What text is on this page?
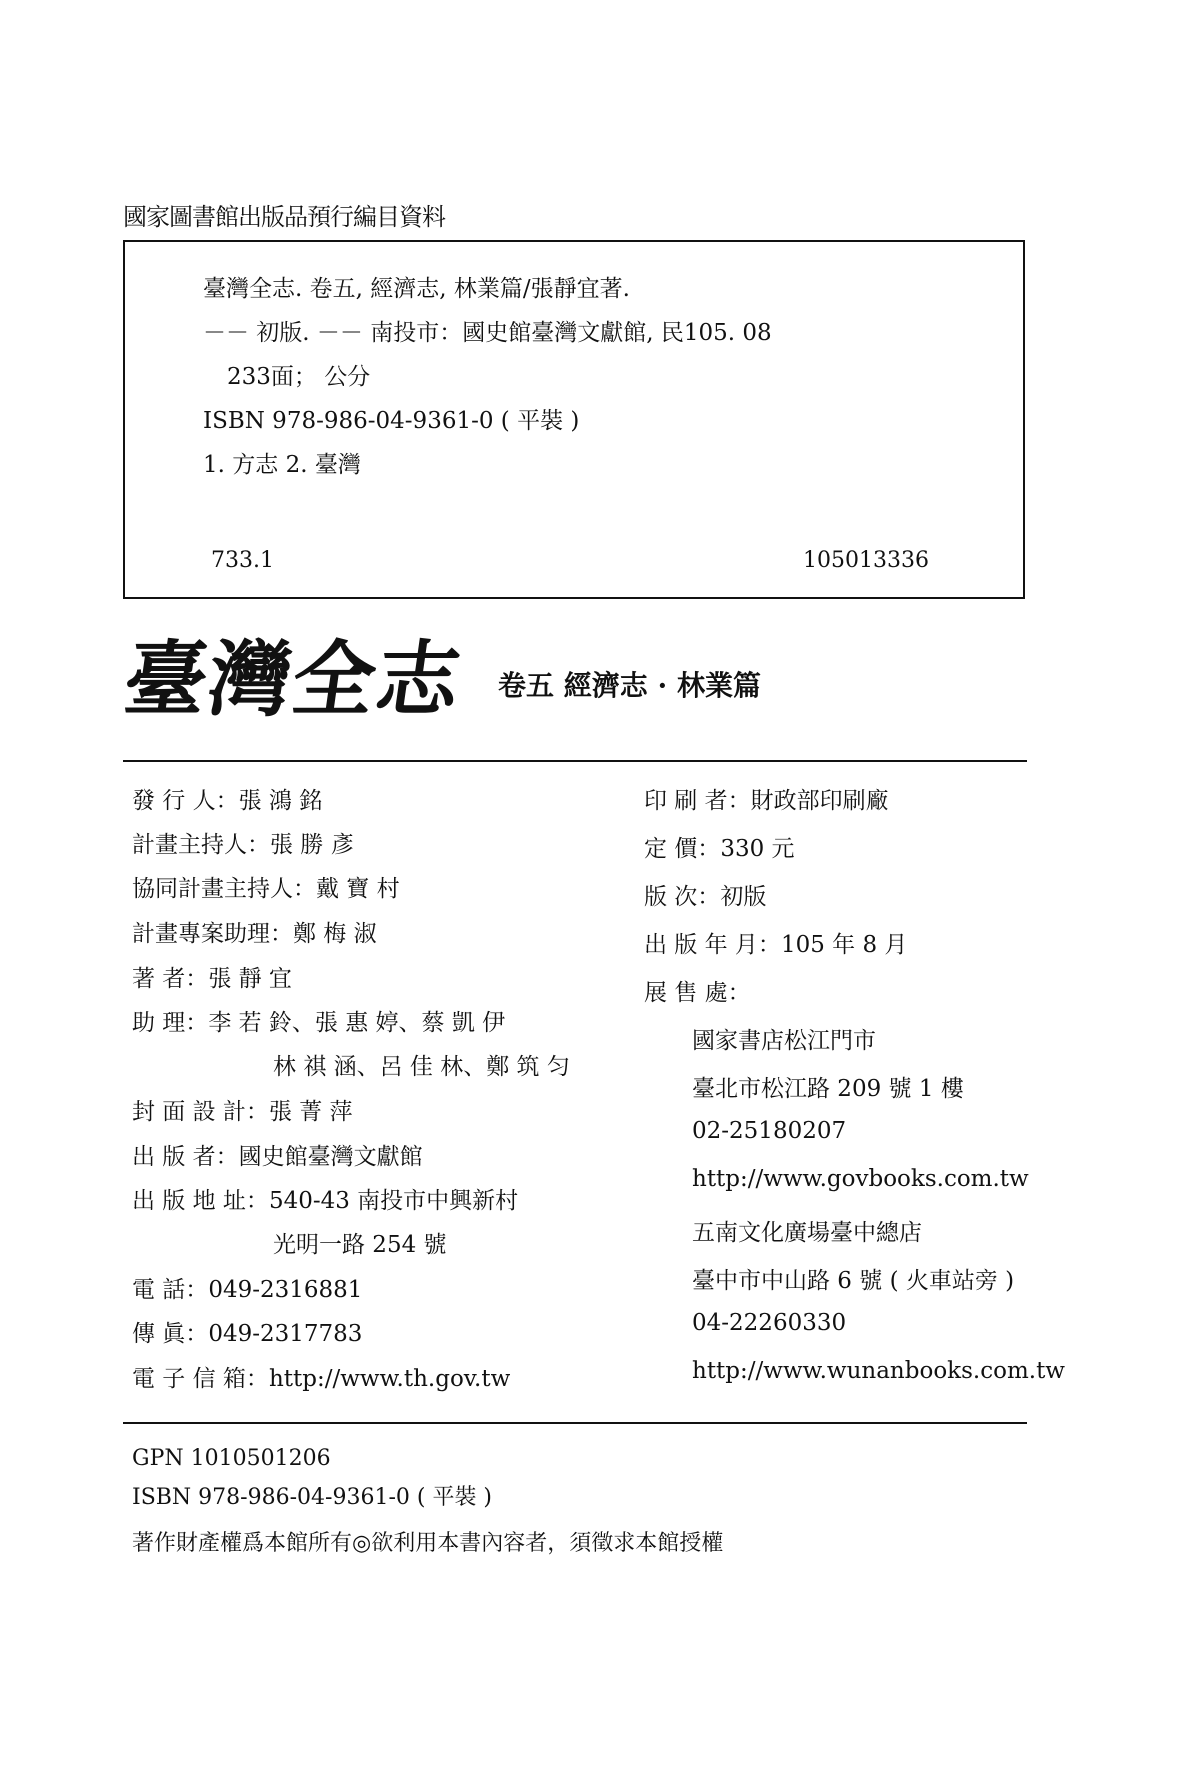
國家圖書館出版品預行編目資料
臺灣全志. 卷五, 經濟志, 林業篇/張靜宜著.
－－ 初版. －－ 南投市：國史館臺灣文獻館, 民105. 08
233面； 公分
ISBN 978-986-04-9361-0 ( 平裝 )
1. 方志 2. 臺灣
733.1	105013336
臺灣全志 卷五 經濟志 · 林業篇
發 行 人：張 鴻 銘
計畫主持人：張 勝 彥
協同計畫主持人：戴 寶 村
計畫專案助理：鄭 梅 淑
著 者：張 靜 宜
助 理：李 若 鈴、張 惠 婷、蔡 凱 伊
林 祺 涵、呂 佳 林、鄭 筑 匀
封 面 設 計：張 菁 萍
出 版 者：國史館臺灣文獻館
出 版 地 址：540-43 南投市中興新村
光明一路 254 號
電 話：049-2316881
傳 眞：049-2317783
電 子 信 箱：http://www.th.gov.tw
印 刷 者：財政部印刷廠
定 價：330 元
版 次：初版
出 版 年 月：105 年 8 月
展 售 處：
國家書店松江門市
臺北市松江路 209 號 1 樓
02-25180207
http://www.govbooks.com.tw
五南文化廣場臺中總店
臺中市中山路 6 號 ( 火車站旁 )
04-22260330
http://www.wunanbooks.com.tw
GPN 1010501206
ISBN 978-986-04-9361-0 ( 平裝 )
著作財產權爲本館所有◎欲利用本書內容者，須徵求本館授權
